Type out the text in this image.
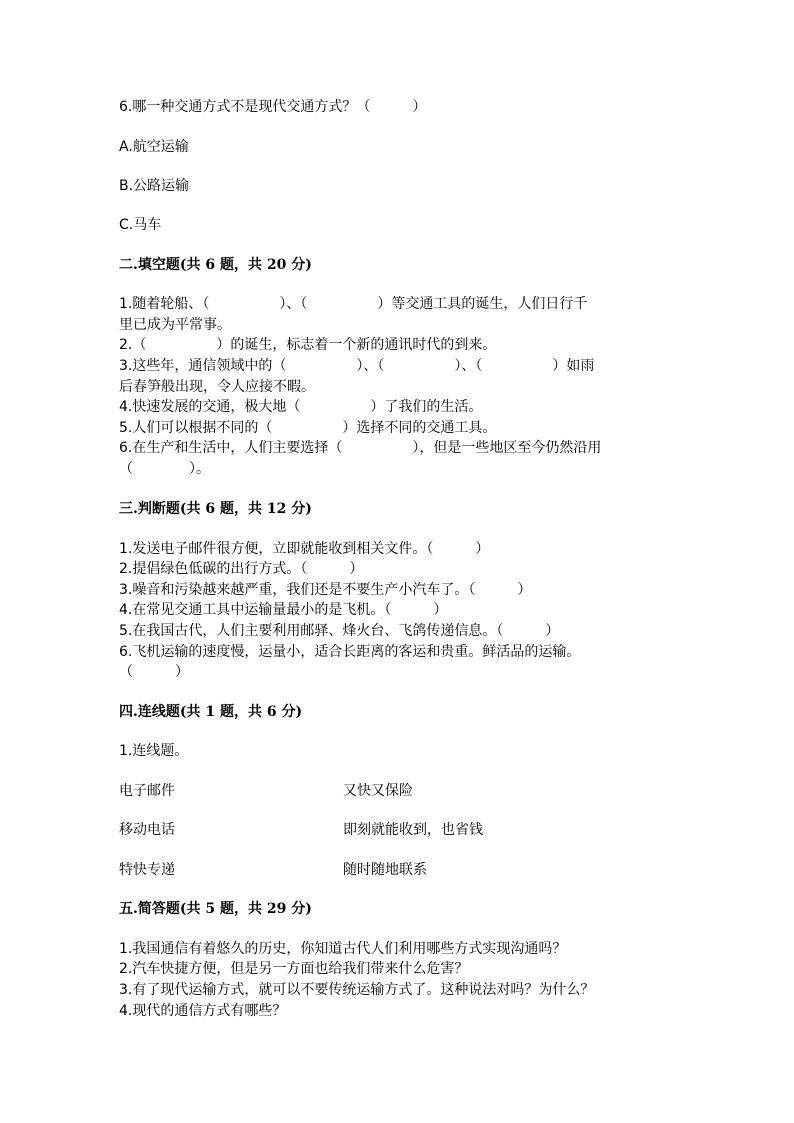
6.哪一种交通方式不是现代交通方式？（　　　）
A.航空运输
B.公路运输
C.马车
二.填空题(共 6 题，共 20 分)
1.随着轮船、（　　　　　）、（　　　　　）等交通工具的诞生，人们日行千
里已成为平常事。
2.（　　　　　）的诞生，标志着一个新的通讯时代的到来。
3.这些年，通信领域中的（　　　　　）、（　　　　　）、（　　　　　）如雨
后春笋般出现，令人应接不暇。
4.快速发展的交通，极大地（　　　　　）了我们的生活。
5.人们可以根据不同的（　　　　　）选择不同的交通工具。
6.在生产和生活中，人们主要选择（　　　　　），但是一些地区至今仍然沿用
（　　　　）。
三.判断题(共 6 题，共 12 分)
1.发送电子邮件很方便，立即就能收到相关文件。（　　　）
2.提倡绿色低碳的出行方式。（　　　）
3.噪音和污染越来越严重，我们还是不要生产小汽车了。（　　　）
4.在常见交通工具中运输量最小的是飞机。（　　　）
5.在我国古代，人们主要利用邮驿、烽火台、飞鸽传递信息。（　　　）
6.飞机运输的速度慢，运量小，适合长距离的客运和贵重。鲜活品的运输。
（　　　）
四.连线题(共 1 题，共 6 分)
1.连线题。
电子邮件	又快又保险
移动电话	即刻就能收到，也省钱
特快专递	随时随地联系
五.简答题(共 5 题，共 29 分)
1.我国通信有着悠久的历史，你知道古代人们利用哪些方式实现沟通吗？
2.汽车快捷方便，但是另一方面也给我们带来什么危害？
3.有了现代运输方式，就可以不要传统运输方式了。这种说法对吗？为什么？
4.现代的通信方式有哪些？
